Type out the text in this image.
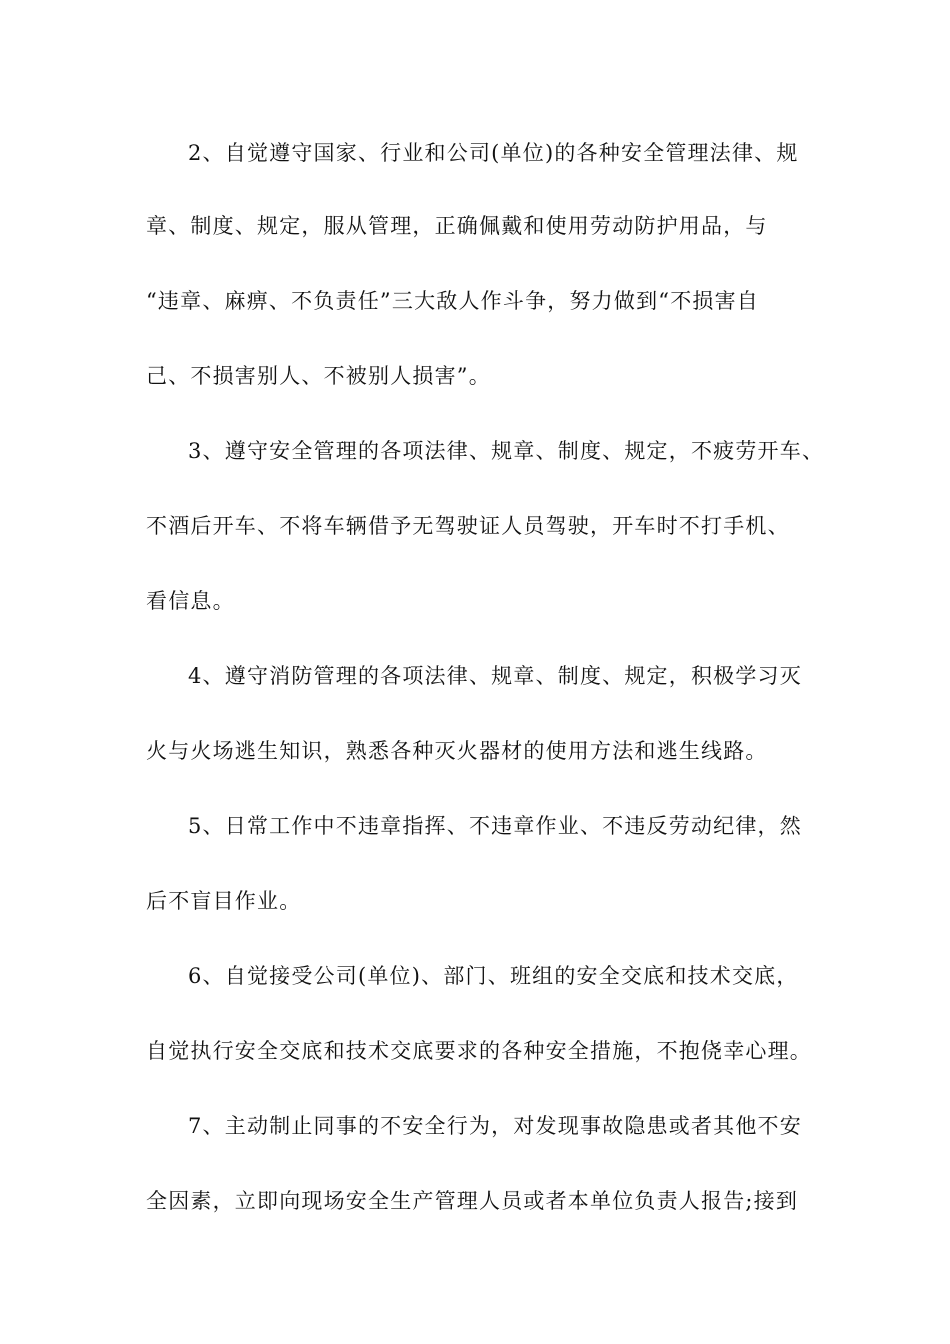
2、自觉遵守国家、行业和公司(单位)的各种安全管理法律、规
章、制度、规定，服从管理，正确佩戴和使用劳动防护用品，与
“违章、麻痹、不负责任”三大敌人作斗争，努力做到“不损害自
己、不损害别人、不被别人损害”。
3、遵守安全管理的各项法律、规章、制度、规定，不疲劳开车、
不酒后开车、不将车辆借予无驾驶证人员驾驶，开车时不打手机、
看信息。
4、遵守消防管理的各项法律、规章、制度、规定，积极学习灭
火与火场逃生知识，熟悉各种灭火器材的使用方法和逃生线路。
5、日常工作中不违章指挥、不违章作业、不违反劳动纪律，然
后不盲目作业。
6、自觉接受公司(单位)、部门、班组的安全交底和技术交底，
自觉执行安全交底和技术交底要求的各种安全措施，不抱侥幸心理。
7、主动制止同事的不安全行为，对发现事故隐患或者其他不安
全因素，立即向现场安全生产管理人员或者本单位负责人报告;接到
